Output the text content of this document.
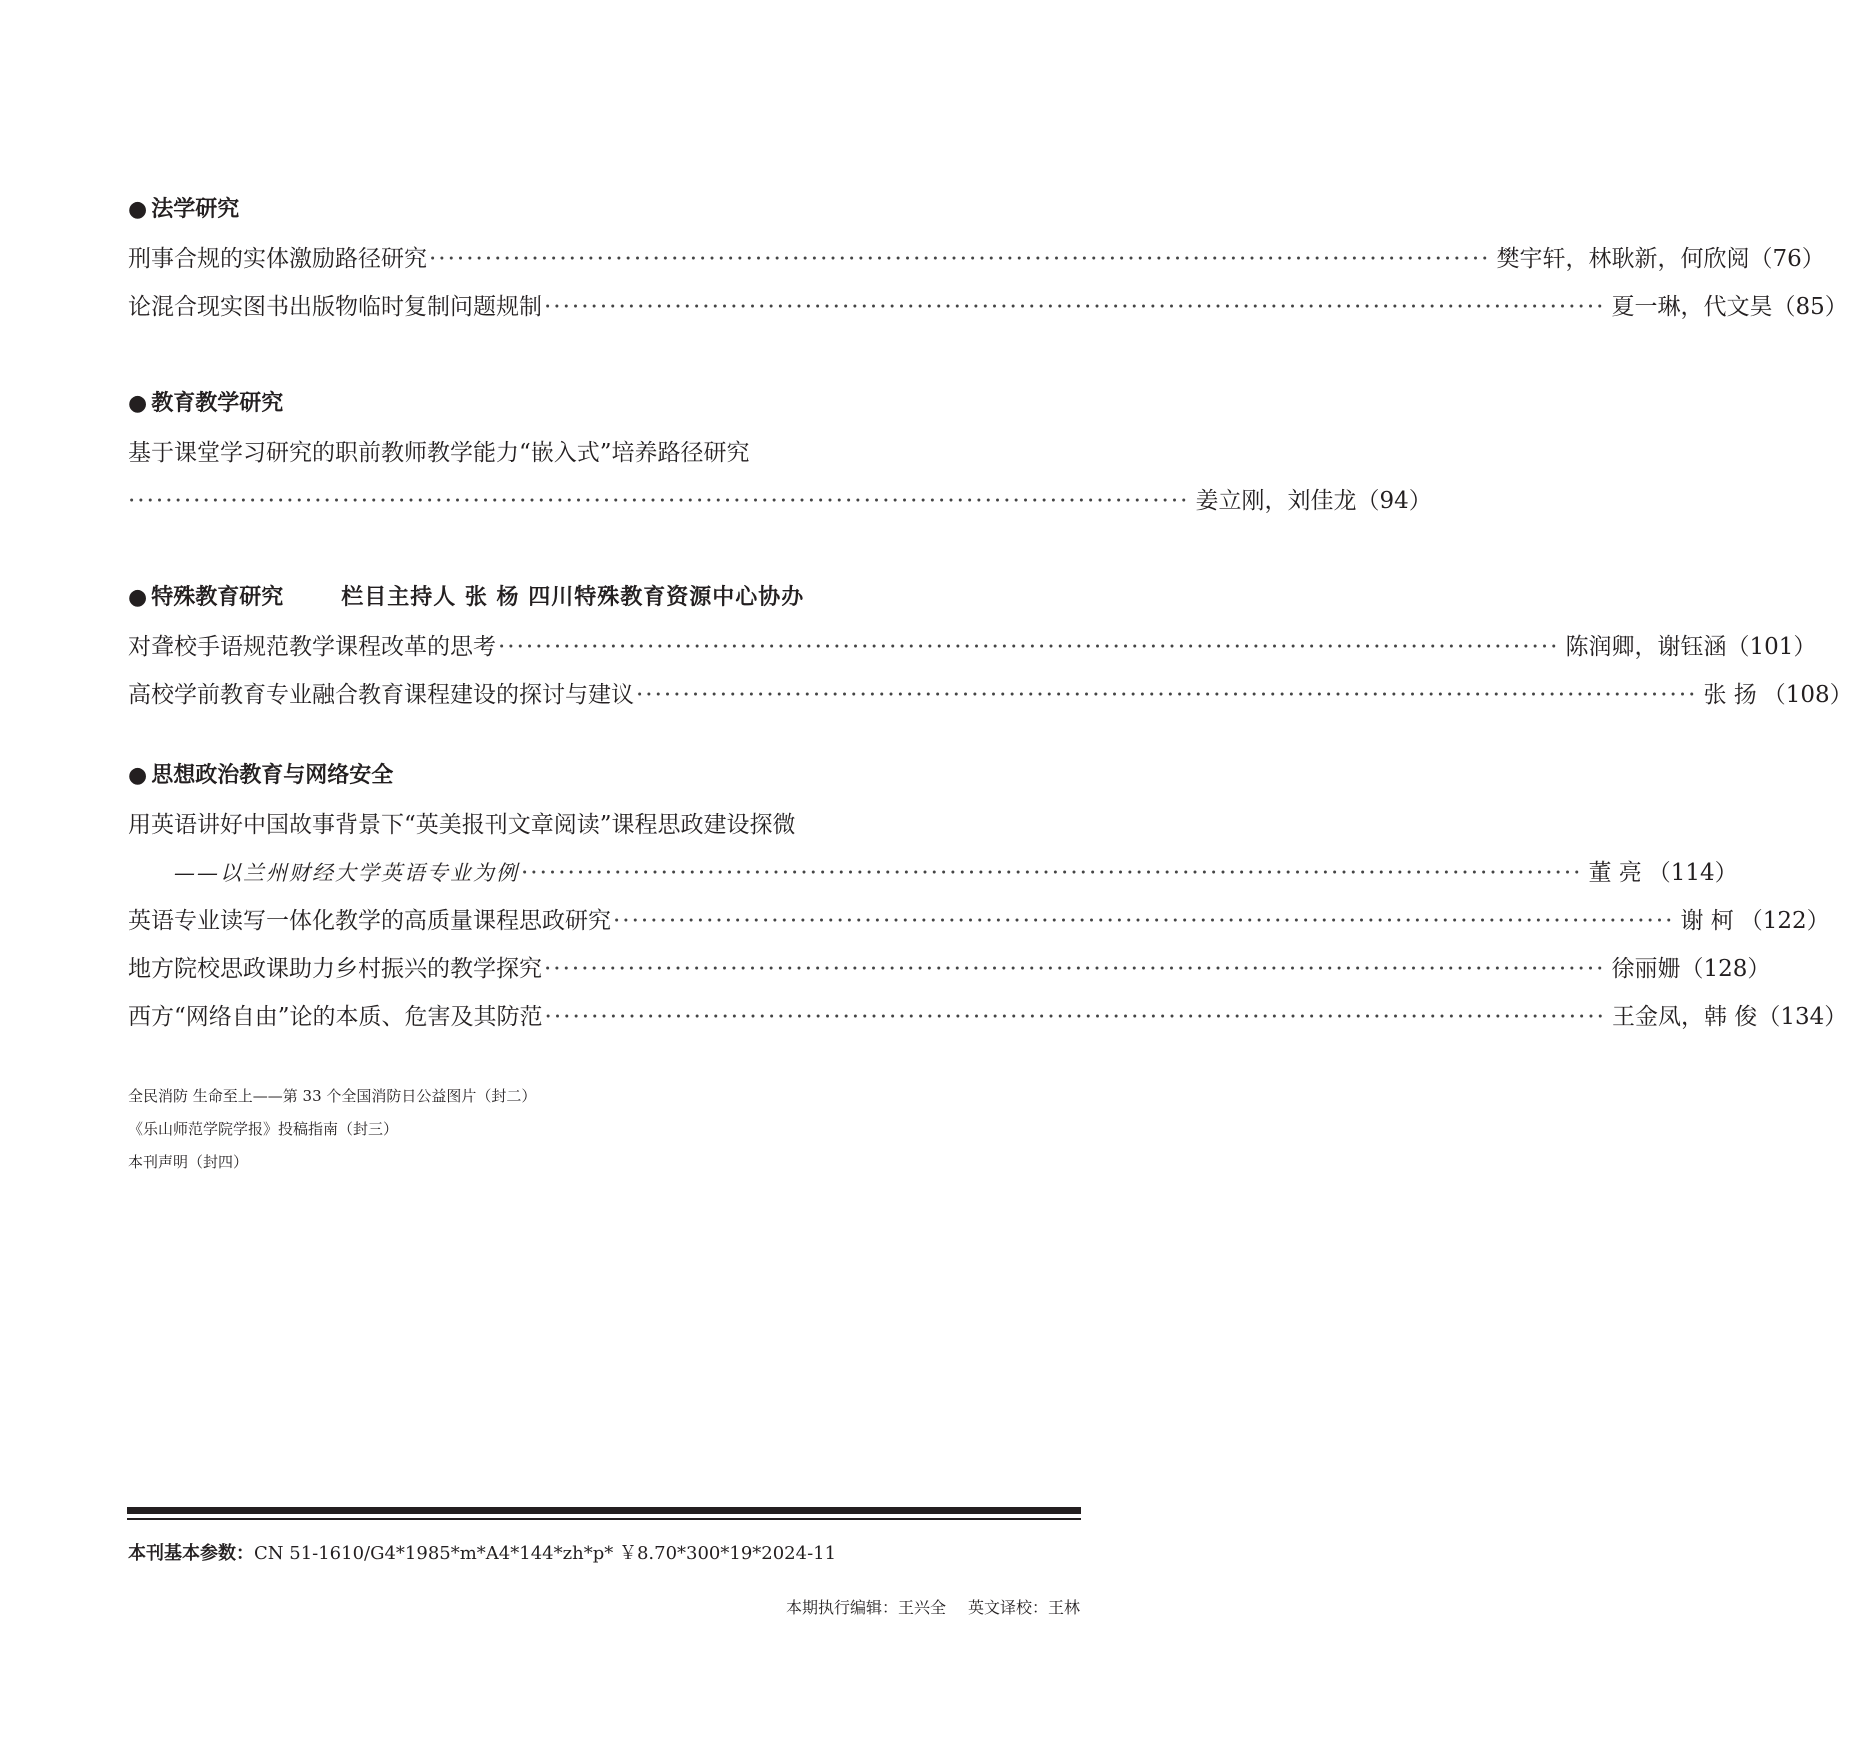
● 法学研究
刑事合规的实体激励路径研究 ·················································································································· 樊宇轩，林耿新，何欣阅 （76）
论混合现实图书出版物临时复制问题规制 ·················································································································· 夏一琳，代文昊 （85）
● 教育教学研究
基于课堂学习研究的职前教师教学能力“嵌入式”培养路径研究
·················································································································· 姜立刚，刘佳龙 （94）
● 特殊教育研究	栏目主持人 张 杨 四川特殊教育资源中心协办
对聋校手语规范教学课程改革的思考 ·················································································································· 陈润卿，谢钰涵 （101）
高校学前教育专业融合教育课程建设的探讨与建议 ·················································································································· 张 扬 （108）
● 思想政治教育与网络安全
用英语讲好中国故事背景下“英美报刊文章阅读”课程思政建设探微
——以兰州财经大学英语专业为例 ·················································································································· 董 亮 （114）
英语专业读写一体化教学的高质量课程思政研究 ·················································································································· 谢 柯 （122）
地方院校思政课助力乡村振兴的教学探究 ·················································································································· 徐丽姗 （128）
西方“网络自由”论的本质、危害及其防范 ·················································································································· 王金凤，韩 俊 （134）
全民消防 生命至上——第 33 个全国消防日公益图片（封二）
《乐山师范学院学报》投稿指南（封三）
本刊声明（封四）
本刊基本参数：CN 51-1610/G4*1985*m*A4*144*zh*p* ￥8.70*300*19*2024-11
本期执行编辑：王兴全 英文译校：王林
